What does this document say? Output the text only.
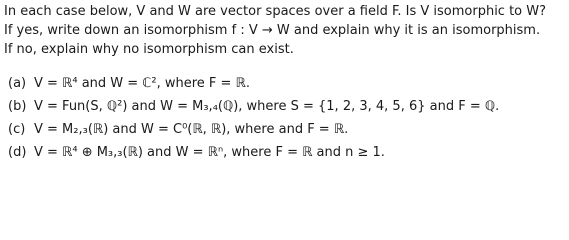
In each case below, V and W are vector spaces over a field F. Is V isomorphic to W?
If yes, write down an isomorphism f : V → W and explain why it is an isomorphism.
If no, explain why no isomorphism can exist.
(a) V = ℝ⁴ and W = ℂ², where F = ℝ.
(b) V = Fun(S, ℚ²) and W = M₃,₄(ℚ), where S = {1, 2, 3, 4, 5, 6} and F = ℚ.
(c) V = M₂,₃(ℝ) and W = C⁰(ℝ, ℝ), where and F = ℝ.
(d) V = ℝ⁴ ⊕ M₃,₃(ℝ) and W = ℝⁿ, where F = ℝ and n ≥ 1.
